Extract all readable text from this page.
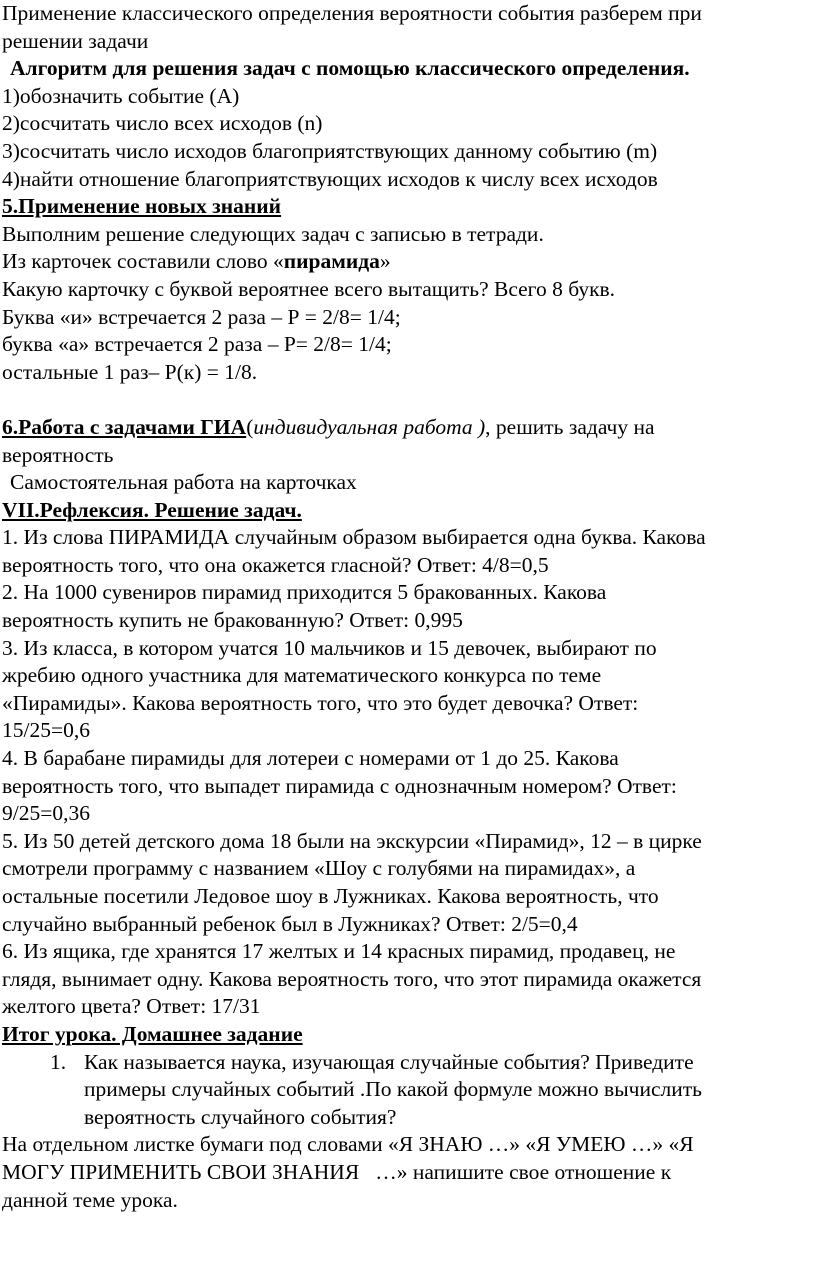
Применение классического определения вероятности события разберем при
решении задачи
Алгоритм для решения задач с помощью классического определения.
1)обозначить событие (А)
2)сосчитать число всех исходов (n)
3)сосчитать число исходов благоприятствующих данному событию (m)
4)найти отношение благоприятствующих исходов к числу всех исходов
5.Применение новых знаний
Выполним решение следующих задач с записью в тетради.
Из карточек составили слово «пирамида»
Какую карточку с буквой вероятнее всего вытащить? Всего 8 букв.
Буква «и» встречается 2 раза – Р = 2/8= 1/4;
буква «а» встречается 2 раза – Р= 2/8= 1/4;
остальные 1 раз– Р(к) = 1/8.
6.Работа с задачами ГИА(индивидуальная работа ), решить задачу на
вероятность
Самостоятельная работа на карточках
VII.Рефлексия. Решение задач.
1. Из слова ПИРАМИДА случайным образом выбирается одна буква. Какова
вероятность того, что она окажется гласной? Ответ: 4/8=0,5
2. На 1000 сувениров пирамид приходится 5 бракованных. Какова
вероятность купить не бракованную? Ответ: 0,995
3. Из класса, в котором учатся 10 мальчиков и 15 девочек, выбирают по
жребию одного участника для математического конкурса по теме
«Пирамиды». Какова вероятность того, что это будет девочка? Ответ:
15/25=0,6
4. В барабане пирамиды для лотереи с номерами от 1 до 25. Какова
вероятность того, что выпадет пирамида с однозначным номером? Ответ:
9/25=0,36
5. Из 50 детей детского дома 18 были на экскурсии «Пирамид», 12 – в цирке
смотрели программу с названием «Шоу с голубями на пирамидах», а
остальные посетили Ледовое шоу в Лужниках. Какова вероятность, что
случайно выбранный ребенок был в Лужниках? Ответ: 2/5=0,4
6. Из ящика, где хранятся 17 желтых и 14 красных пирамид, продавец, не
глядя, вынимает одну. Какова вероятность того, что этот пирамида окажется
желтого цвета? Ответ: 17/31
Итог урока. Домашнее задание
1. Как называется наука, изучающая случайные события? Приведите
примеры случайных событий .По какой формуле можно вычислить
вероятность случайного события?
На отдельном листке бумаги под словами «Я ЗНАЮ …» «Я УМЕЮ …» «Я
МОГУ ПРИМЕНИТЬ СВОИ ЗНАНИЯ   …» напишите свое отношение к
данной теме урока.
